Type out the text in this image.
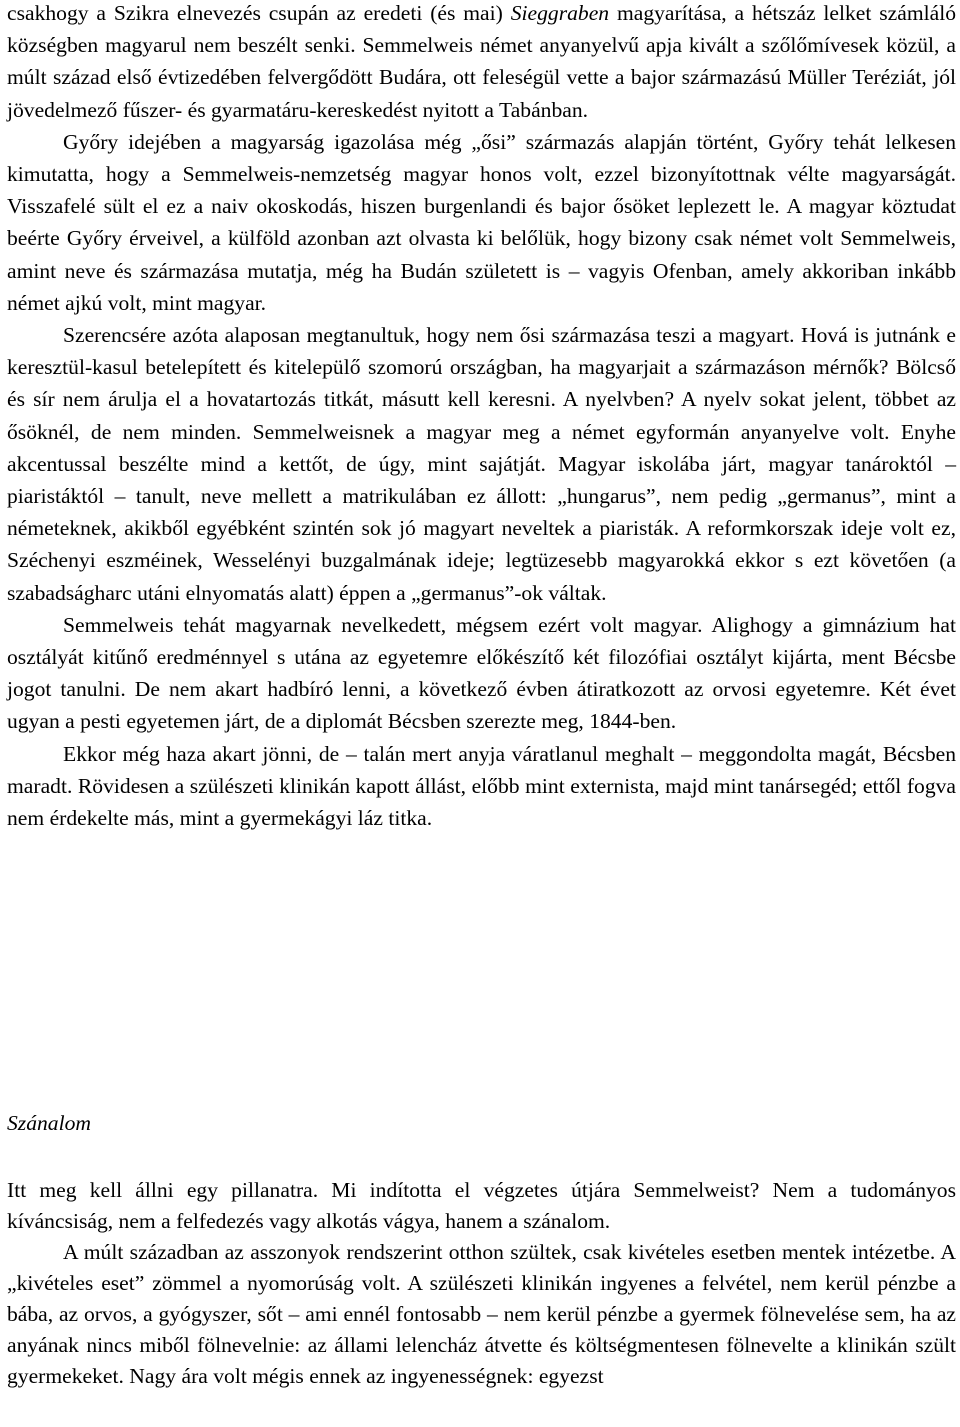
csakhogy a Szikra elnevezés csupán az eredeti (és mai) Sieggraben magyarítása, a hétszáz lelket számláló községben magyarul nem beszélt senki. Semmelweis német anyanyelvű apja kivált a szőlőmívesek közül, a múlt század első évtizedében felvergődött Budára, ott feleségül vette a bajor származású Müller Teréziát, jól jövedelmező fűszer- és gyarmatáru-kereskedést nyitott a Tabánban.

Győry idejében a magyarság igazolása még „ősi” származás alapján történt, Győry tehát lelkesen kimutatta, hogy a Semmelweis-nemzetség magyar honos volt, ezzel bizonyítottnak vélte magyarságát. Visszafelé sült el ez a naiv okoskodás, hiszen burgenlandi és bajor ősöket leplezett le. A magyar köztudat beérte Győry érveivel, a külföld azonban azt olvasta ki belőlük, hogy bizony csak német volt Semmelweis, amint neve és származása mutatja, még ha Budán született is – vagyis Ofenban, amely akkoriban inkább német ajkú volt, mint magyar.

Szerencsére azóta alaposan megtanultuk, hogy nem ősi származása teszi a magyart. Hová is jutnánk e keresztül-kasul betelepített és kitelepülő szomorú országban, ha magyarjait a származáson mérnők? Bölcső és sír nem árulja el a hovatartozás titkát, másutt kell keresni. A nyelvben? A nyelv sokat jelent, többet az ősöknél, de nem minden. Semmelweisnek a magyar meg a német egyformán anyanyelve volt. Enyhe akcentussal beszélte mind a kettőt, de úgy, mint sajátját. Magyar iskolába járt, magyar tanároktól – piaristáktól – tanult, neve mellett a matrikulában ez állott: „hungarus”, nem pedig „germanus”, mint a németeknek, akikből egyébként szintén sok jó magyart neveltek a piaristák. A reformkorszak ideje volt ez, Széchenyi eszméinek, Wesselényi buzgalmának ideje; legtüzesebb magyarokká ekkor s ezt követően (a szabadságharc utáni elnyomatás alatt) éppen a „germanus”-ok váltak.

Semmelweis tehát magyarnak nevelkedett, mégsem ezért volt magyar. Alighogy a gimnázium hat osztályát kitűnő eredménnyel s utána az egyetemre előkészítő két filozófiai osztályt kijárta, ment Bécsbe jogot tanulni. De nem akart hadbíró lenni, a következő évben átiratkozott az orvosi egyetemre. Két évet ugyan a pesti egyetemen járt, de a diplomát Bécsben szerezte meg, 1844-ben.

Ekkor még haza akart jönni, de – talán mert anyja váratlanul meghalt – meggondolta magát, Bécsben maradt. Rövidesen a szülészeti klinikán kapott állást, előbb mint externista, majd mint tanársegéd; ettől fogva nem érdekelte más, mint a gyermekágyi láz titka.

Szánalom

Itt meg kell állni egy pillanatra. Mi indította el végzetes útjára Semmelweist? Nem a tudományos kíváncsiság, nem a felfedezés vagy alkotás vágya, hanem a szánalom.

A múlt században az asszonyok rendszerint otthon szültek, csak kivételes esetben mentek intézetbe. A „kivételes eset” zömmel a nyomorúság volt. A szülészeti klinikán ingyenes a felvétel, nem kerül pénzbe a bába, az orvos, a gyógyszer, sőt – ami ennél fontosabb – nem kerül pénzbe a gyermek fölnevelése sem, ha az anyának nincs miből fölnevelnie: az állami lelencház átvette és költségmentesen fölnevelte a klinikán szült gyermekeket. Nagy ára volt mégis ennek az ingyenességnek: egyezst
